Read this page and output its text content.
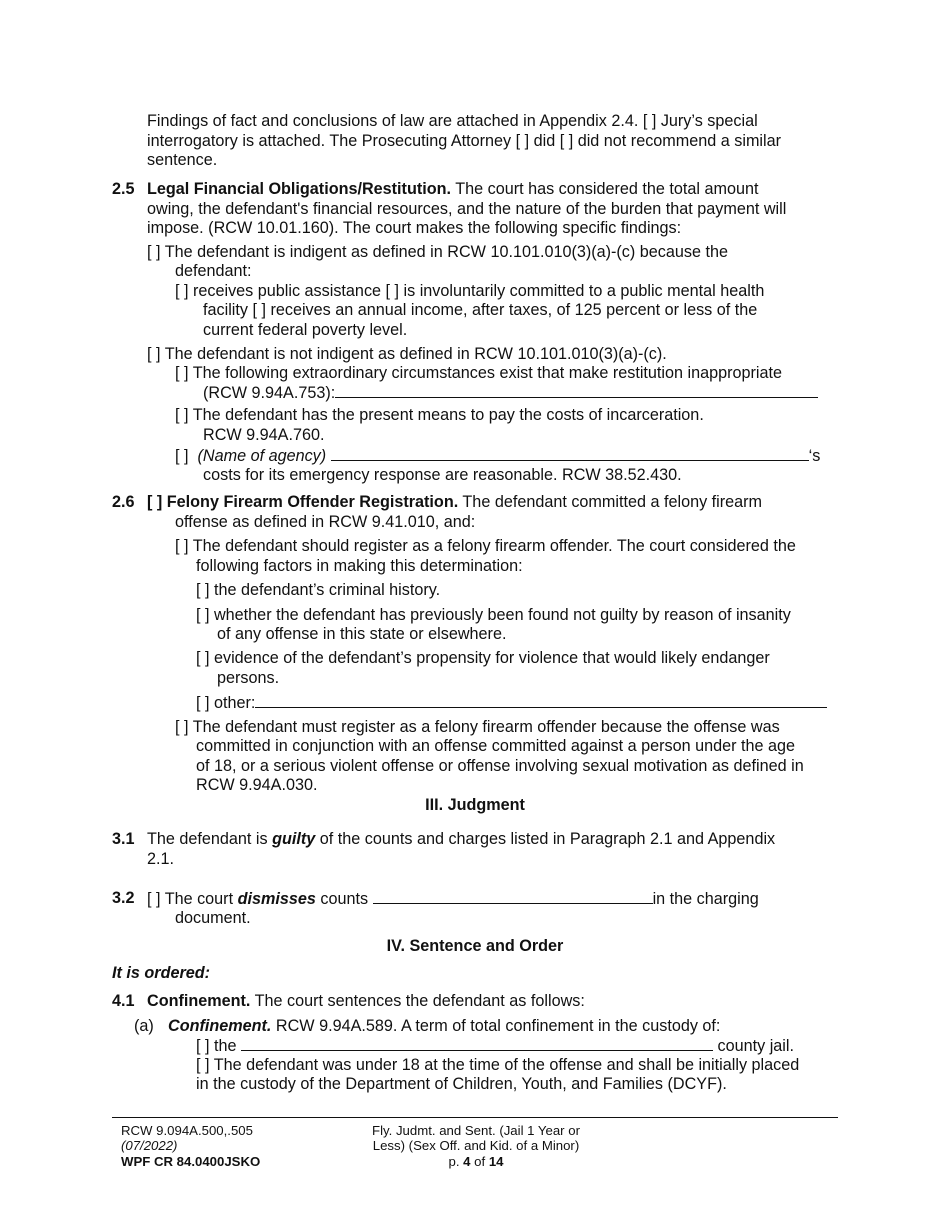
Findings of fact and conclusions of law are attached in Appendix 2.4. [ ] Jury’s special
interrogatory is attached. The Prosecuting Attorney [ ] did [ ] did not recommend a similar
sentence.
2.5 Legal Financial Obligations/Restitution. The court has considered the total amount
owing, the defendant's financial resources, and the nature of the burden that payment will
impose. (RCW 10.01.160). The court makes the following specific findings:
[ ] The defendant is indigent as defined in RCW 10.101.010(3)(a)-(c) because the
defendant:
[ ] receives public assistance [ ] is involuntarily committed to a public mental health
facility [ ] receives an annual income, after taxes, of 125 percent or less of the
current federal poverty level.
[ ] The defendant is not indigent as defined in RCW 10.101.010(3)(a)-(c).
[ ] The following extraordinary circumstances exist that make restitution inappropriate
(RCW 9.94A.753):
[ ] The defendant has the present means to pay the costs of incarceration.
RCW 9.94A.760.
[ ] (Name of agency)	‘s
costs for its emergency response are reasonable. RCW 38.52.430.
2.6 [ ] Felony Firearm Offender Registration. The defendant committed a felony firearm
offense as defined in RCW 9.41.010, and:
[ ] The defendant should register as a felony firearm offender. The court considered the
following factors in making this determination:
[ ] the defendant’s criminal history.
[ ] whether the defendant has previously been found not guilty by reason of insanity
of any offense in this state or elsewhere.
[ ] evidence of the defendant’s propensity for violence that would likely endanger
persons.
[ ] other:
[ ] The defendant must register as a felony firearm offender because the offense was
committed in conjunction with an offense committed against a person under the age
of 18, or a serious violent offense or offense involving sexual motivation as defined in
RCW 9.94A.030.
III. Judgment
3.1 The defendant is guilty of the counts and charges listed in Paragraph 2.1 and Appendix
2.1.
3.2 [ ] The court dismisses counts	in the charging
document.
IV. Sentence and Order
It is ordered:
4.1 Confinement. The court sentences the defendant as follows:
(a) Confinement. RCW 9.94A.589. A term of total confinement in the custody of:
[ ] the	county jail.
[ ] The defendant was under 18 at the time of the offense and shall be initially placed
in the custody of the Department of Children, Youth, and Families (DCYF).
RCW 9.094A.500,.505
(07/2022)
WPF CR 84.0400JSKO
Fly. Judmt. and Sent. (Jail 1 Year or
Less) (Sex Off. and Kid. of a Minor)
p. 4 of 14
